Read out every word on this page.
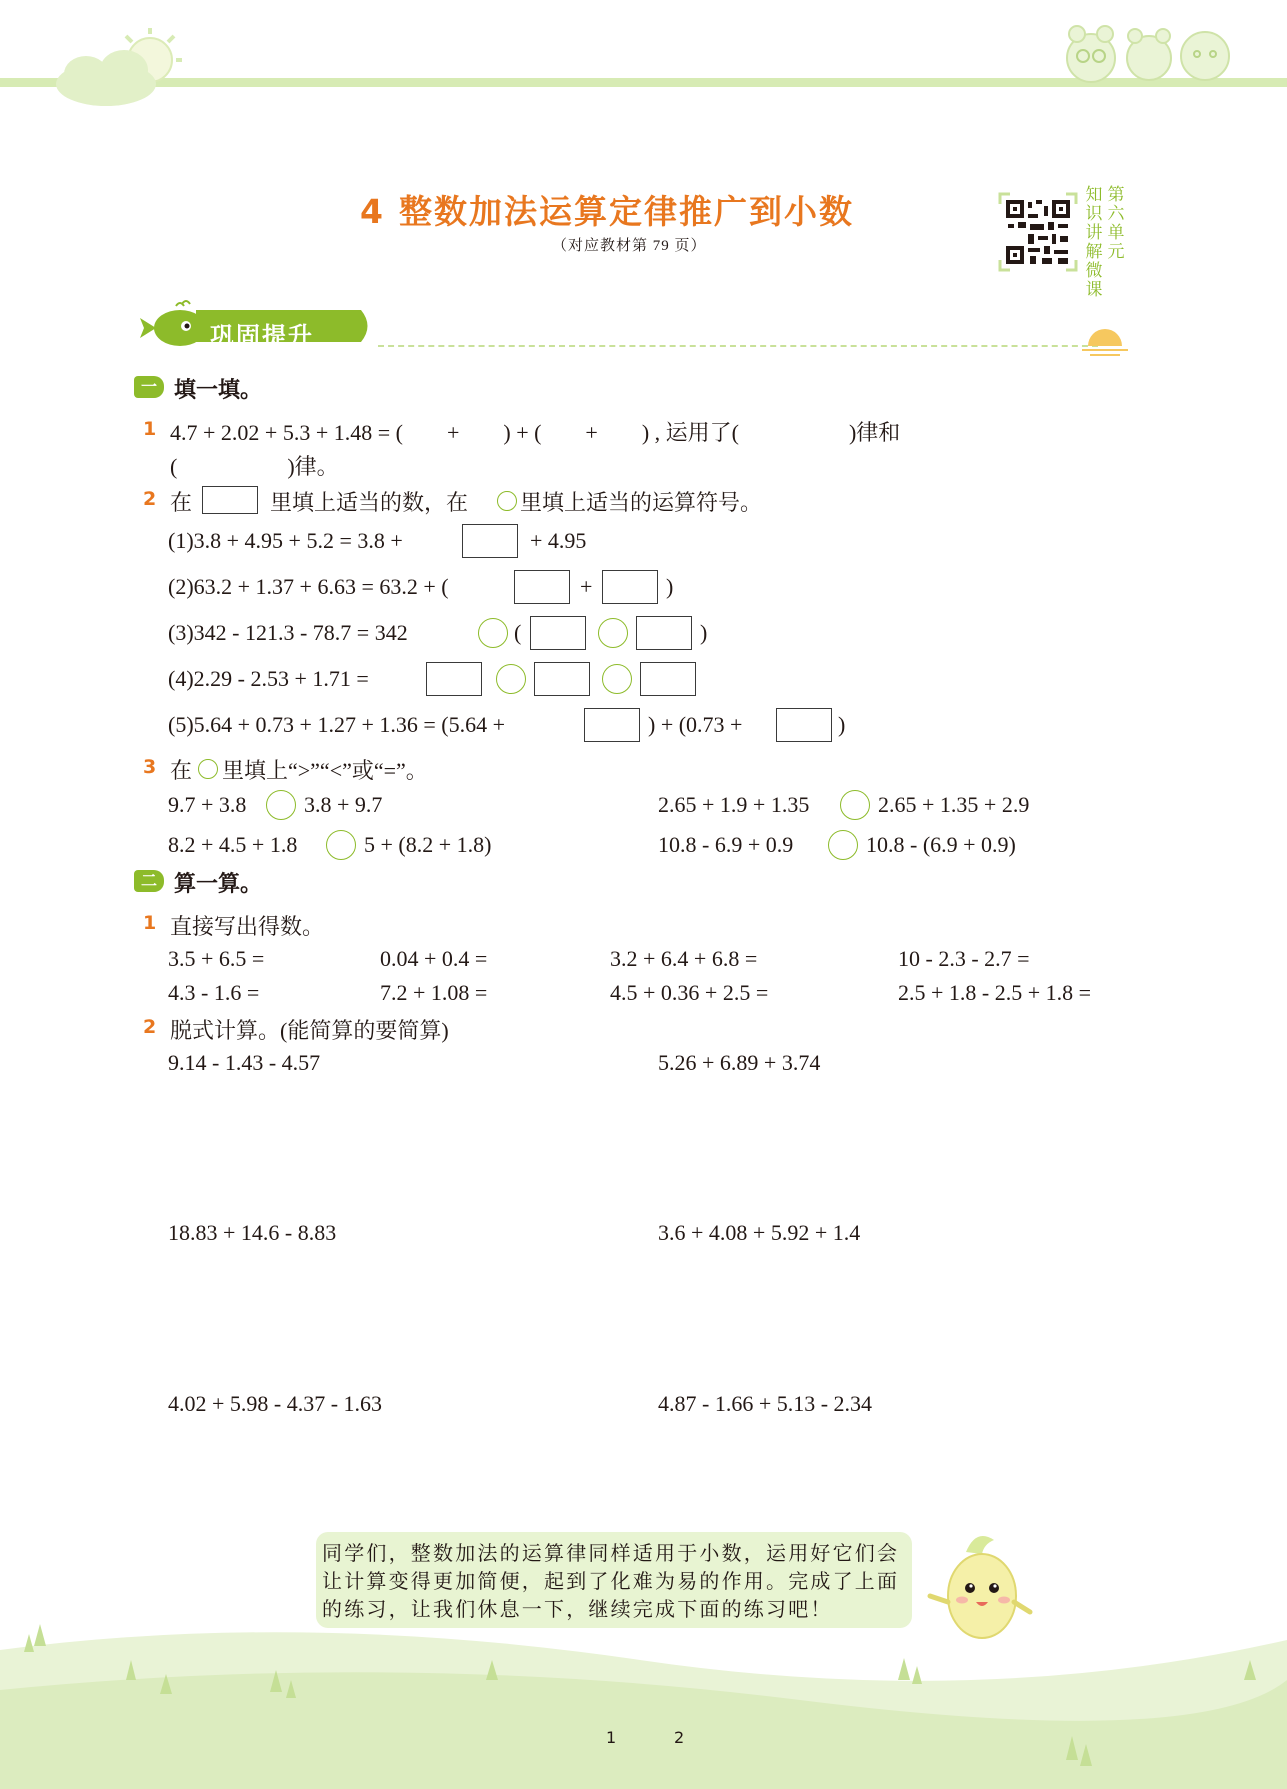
4 整数加法运算定律推广到小数
（对应教材第 79 页）
知识讲解微课
第六单元
巩固提升
一 填一填。
1 4.7 + 2.02 + 5.3 + 1.48 = (        +        ) + (        +        ) , 运用了(                    )律和
(                    )律。
2 在	里填上适当的数，在 里填上适当的运算符号。
(1)3.8 + 4.95 + 5.2 = 3.8 +	+ 4.95
(2)63.2 + 1.37 + 6.63 = 63.2 + (	+	)
(3)342 - 121.3 - 78.7 = 342	(	)
(4)2.29 - 2.53 + 1.71 =
(5)5.64 + 0.73 + 1.27 + 1.36 = (5.64 +	) + (0.73 +	)
3 在 里填上“>”“<”或“=”。
9.7 + 3.8	3.8 + 9.7	2.65 + 1.9 + 1.35	2.65 + 1.35 + 2.9
8.2 + 4.5 + 1.8	5 + (8.2 + 1.8)	10.8 - 6.9 + 0.9	10.8 - (6.9 + 0.9)
二 算一算。
1 直接写出得数。
3.5 + 6.5 =	0.04 + 0.4 =	3.2 + 6.4 + 6.8 =	10 - 2.3 - 2.7 =
4.3 - 1.6 =	7.2 + 1.08 =	4.5 + 0.36 + 2.5 =	2.5 + 1.8 - 2.5 + 1.8 =
2 脱式计算。(能简算的要简算)
9.14 - 1.43 - 4.57	5.26 + 6.89 + 3.74
18.83 + 14.6 - 8.83	3.6 + 4.08 + 5.92 + 1.4
4.02 + 5.98 - 4.37 - 1.63	4.87 - 1.66 + 5.13 - 2.34
同学们，整数加法的运算律同样适用于小数，运用好它们会让计算变得更加简便，起到了化难为易的作用。完成了上面的练习，让我们休息一下，继续完成下面的练习吧！
1	2
